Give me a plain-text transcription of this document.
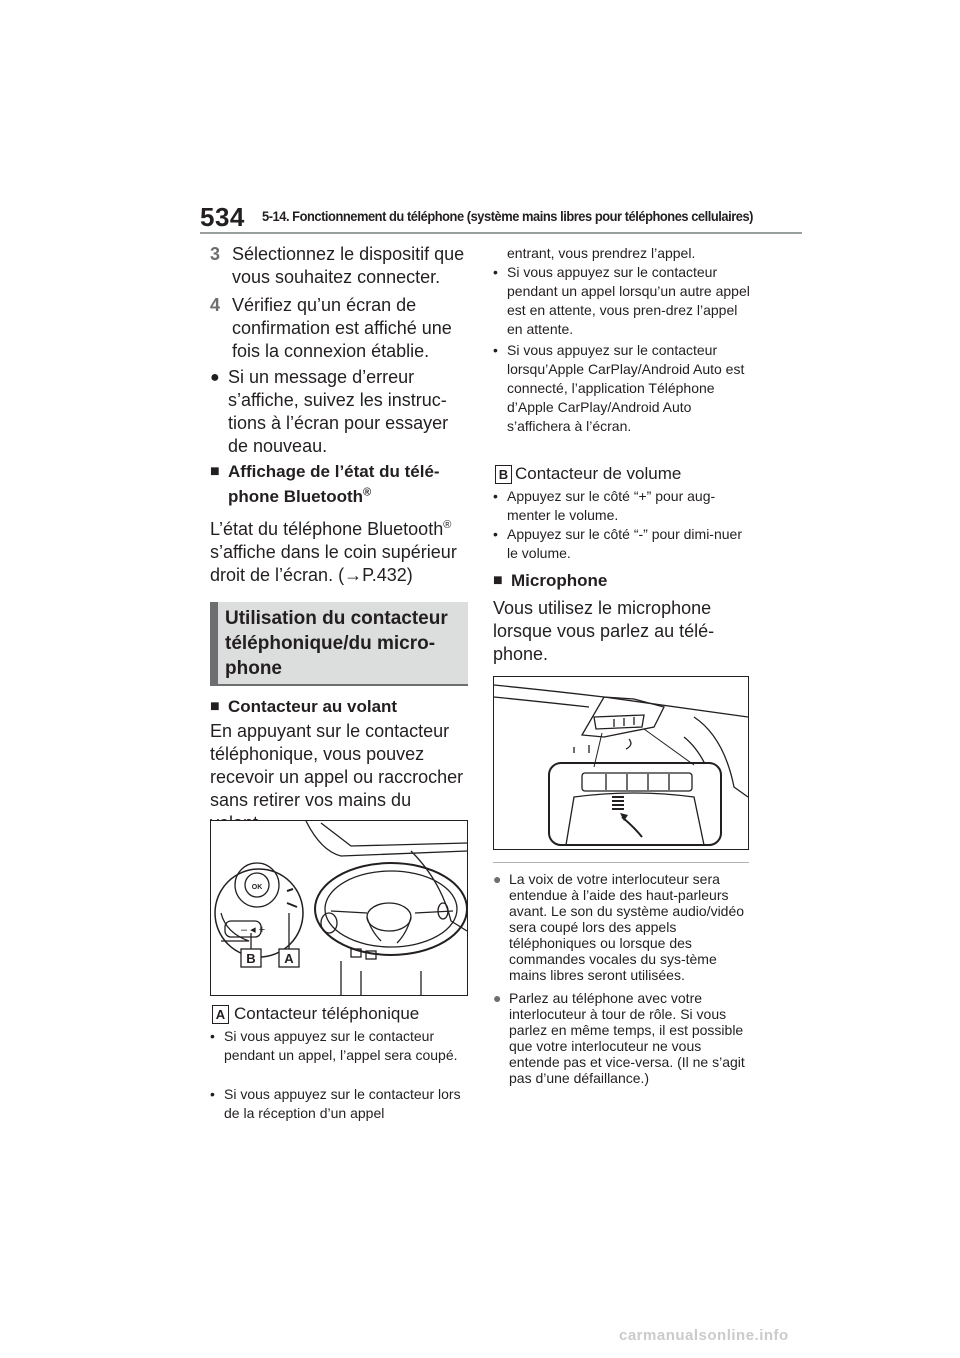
534 5-14. Fonctionnement du téléphone (système mains libres pour téléphones cellulaires)
3 Sélectionnez le dispositif que vous souhaitez connecter.
4 Vérifiez qu’un écran de confirmation est affiché une fois la connexion établie.
● Si un message d’erreur s’affiche, suivez les instruc-tions à l’écran pour essayer de nouveau.
■ Affichage de l’état du télé-
phone Bluetooth®
L’état du téléphone Bluetooth® s’affiche dans le coin supérieur droit de l’écran. (→P.432)
Utilisation du contacteur téléphonique/du micro-phone
■ Contacteur au volant
En appuyant sur le contacteur téléphonique, vous pouvez recevoir un appel ou raccrocher sans retirer vos mains du
OK
– ◂ +
B A
A Contacteur téléphonique
• Si vous appuyez sur le contacteur pendant un appel, l’appel sera coupé.
• Si vous appuyez sur le contacteur lors de la réception d’un appel
entrant, vous prendrez l’appel.
• Si vous appuyez sur le contacteur pendant un appel lorsqu’un autre appel est en attente, vous pren-drez l’appel en attente.
• Si vous appuyez sur le contacteur lorsqu’Apple CarPlay/Android Auto est connecté, l’application Téléphone d’Apple CarPlay/Android Auto s’affichera à l’écran.
B Contacteur de volume
• Appuyez sur le côté “+” pour aug-menter le volume.
• Appuyez sur le côté “-” pour dimi-nuer le volume.
■ Microphone
Vous utilisez le microphone lorsque vous parlez au télé-phone.
● La voix de votre interlocuteur sera entendue à l’aide des haut-parleurs avant. Le son du système audio/vidéo sera coupé lors des appels téléphoniques ou lorsque des commandes vocales du sys-tème mains libres seront utilisées.
● Parlez au téléphone avec votre interlocuteur à tour de rôle. Si vous parlez en même temps, il est possible que votre interlocuteur ne vous entende pas et vice-versa. (Il ne s’agit pas d’une défaillance.)
carmanualsonline.info
